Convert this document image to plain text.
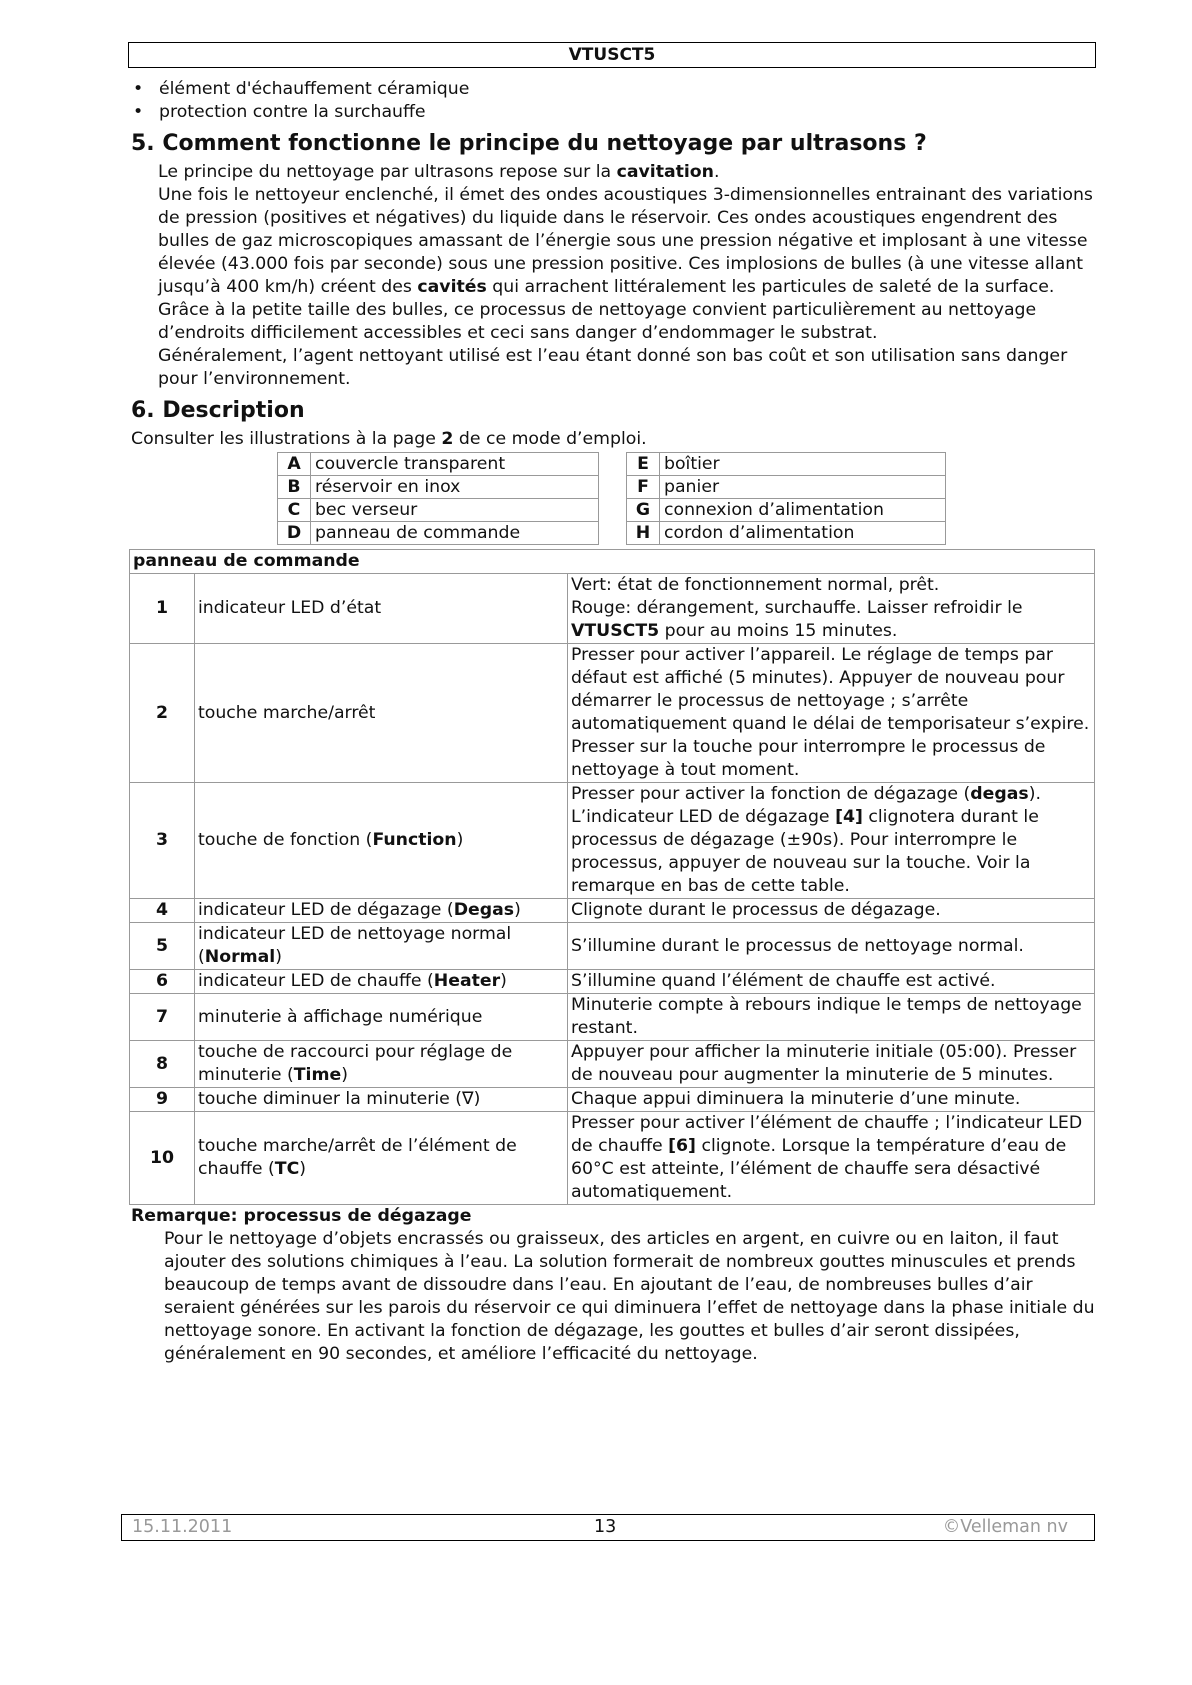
VTUSCT5
• élément d'échauffement céramique
• protection contre la surchauffe
5. Comment fonctionne le principe du nettoyage par ultrasons ?

Le principe du nettoyage par ultrasons repose sur la cavitation.

Une fois le nettoyeur enclenché, il émet des ondes acoustiques 3-dimensionnelles entrainant des variations de pression (positives et négatives) du liquide dans le réservoir. Ces ondes acoustiques engendrent des bulles de gaz microscopiques amassant de l’énergie sous une pression négative et implosant à une vitesse élevée (43.000 fois par seconde) sous une pression positive. Ces implosions de bulles (à une vitesse allant jusqu’à 400 km/h) créent des cavités qui arrachent littéralement les particules de saleté de la surface. Grâce à la petite taille des bulles, ce processus de nettoyage convient particulièrement au nettoyage d’endroits difficilement accessibles et ceci sans danger d’endommager le substrat.

Généralement, l’agent nettoyant utilisé est l’eau étant donné son bas coût et son utilisation sans danger pour l’environnement.

6. Description

Consulter les illustrations à la page 2 de ce mode d’emploi.

A	couvercle transparent
B	réservoir en inox
C	bec verseur
D	panneau de commande
E	boîtier
F	panier
G	connexion d’alimentation
H	cordon d’alimentation
panneau de commande		
1	indicateur LED d’état	Vert: état de fonctionnement normal, prêt.
Rouge: dérangement, surchauffe. Laisser refroidir le VTUSCT5 pour au moins 15 minutes.
2	touche marche/arrêt	Presser pour activer l’appareil. Le réglage de temps par défaut est affiché (5 minutes). Appuyer de nouveau pour démarrer le processus de nettoyage ; s’arrête automatiquement quand le délai de temporisateur s’expire. Presser sur la touche pour interrompre le processus de nettoyage à tout moment.
3	touche de fonction (Function)	Presser pour activer la fonction de dégazage (degas). L’indicateur LED de dégazage [4] clignotera durant le processus de dégazage (±90s). Pour interrompre le processus, appuyer de nouveau sur la touche. Voir la remarque en bas de cette table.
4	indicateur LED de dégazage (Degas)	Clignote durant le processus de dégazage.
5	indicateur LED de nettoyage normal (Normal)	S’illumine durant le processus de nettoyage normal.
6	indicateur LED de chauffe (Heater)	S’illumine quand l’élément de chauffe est activé.
7	minuterie à affichage numérique	Minuterie compte à rebours indique le temps de nettoyage restant.
8	touche de raccourci pour réglage de minuterie (Time)	Appuyer pour afficher la minuterie initiale (05:00). Presser de nouveau pour augmenter la minuterie de 5 minutes.
9	touche diminuer la minuterie (∇)	Chaque appui diminuera la minuterie d’une minute.
10	touche marche/arrêt de l’élément de chauffe (TC)	Presser pour activer l’élément de chauffe ; l’indicateur LED de chauffe [6] clignote. Lorsque la température d’eau de 60°C est atteinte, l’élément de chauffe sera désactivé automatiquement.

Remarque: processus de dégazage

Pour le nettoyage d’objets encrassés ou graisseux, des articles en argent, en cuivre ou en laiton, il faut ajouter des solutions chimiques à l’eau. La solution formerait de nombreux gouttes minuscules et prends beaucoup de temps avant de dissoudre dans l’eau. En ajoutant de l’eau, de nombreuses bulles d’air seraient générées sur les parois du réservoir ce qui diminuera l’effet de nettoyage dans la phase initiale du nettoyage sonore. En activant la fonction de dégazage, les gouttes et bulles d’air seront dissipées, généralement en 90 secondes, et améliore l’efficacité du nettoyage.

15.11.2011	13	©Velleman nv
